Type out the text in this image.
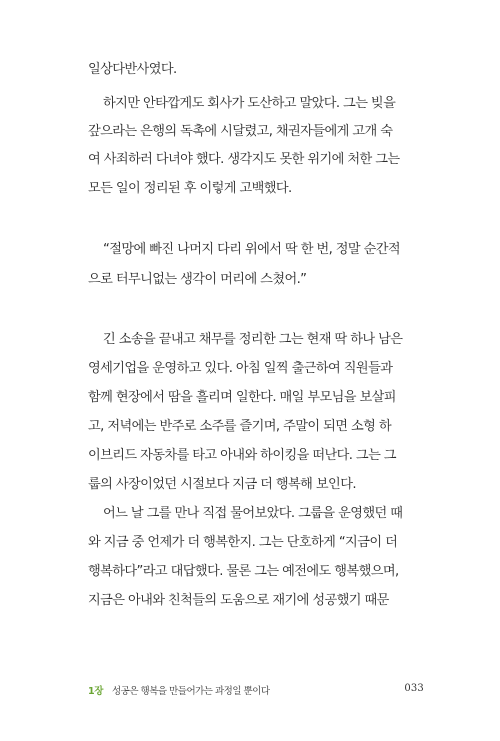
일상다반사였다.
하지만 안타깝게도 회사가 도산하고 말았다. 그는 빚을
갚으라는 은행의 독촉에 시달렸고, 채권자들에게 고개 숙
여 사죄하러 다녀야 했다. 생각지도 못한 위기에 처한 그는
모든 일이 정리된 후 이렇게 고백했다.
“절망에 빠진 나머지 다리 위에서 딱 한 번, 정말 순간적
으로 터무니없는 생각이 머리에 스쳤어.”
긴 소송을 끝내고 채무를 정리한 그는 현재 딱 하나 남은
영세기업을 운영하고 있다. 아침 일찍 출근하여 직원들과
함께 현장에서 땀을 흘리며 일한다. 매일 부모님을 보살피
고, 저녁에는 반주로 소주를 즐기며, 주말이 되면 소형 하
이브리드 자동차를 타고 아내와 하이킹을 떠난다. 그는 그
룹의 사장이었던 시절보다 지금 더 행복해 보인다.
어느 날 그를 만나 직접 물어보았다. 그룹을 운영했던 때
와 지금 중 언제가 더 행복한지. 그는 단호하게 “지금이 더
행복하다”라고 대답했다. 물론 그는 예전에도 행복했으며,
지금은 아내와 친척들의 도움으로 재기에 성공했기 때문
1장 성공은 행복을 만들어가는 과정일 뿐이다	033
